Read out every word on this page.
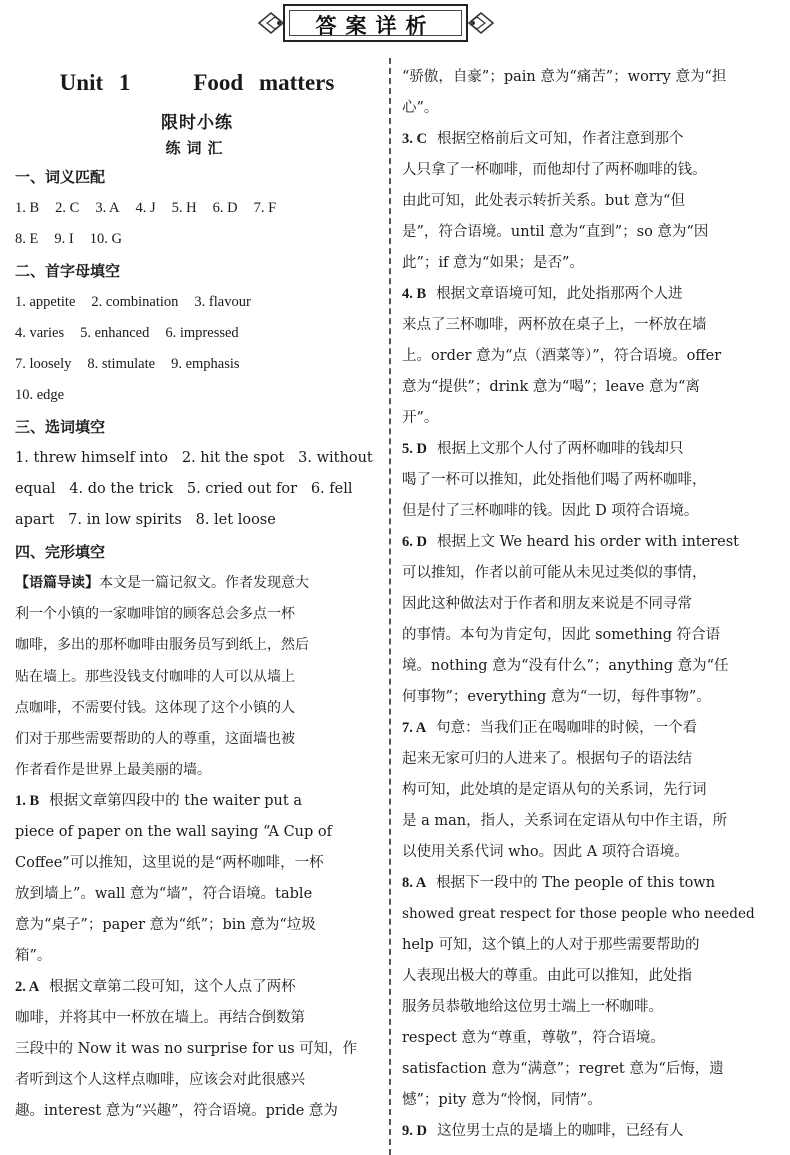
答案详析
Unit 1    Food matters
限时小练
练词汇
一、词义匹配
1. B 2. C 3. A 4. J 5. H 6. D 7. F
8. E 9. I 10. G
二、首字母填空
1. appetite 2. combination 3. flavour
4. varies 5. enhanced 6. impressed
7. loosely 8. stimulate 9. emphasis
10. edge
三、选词填空
1. threw himself into   2. hit the spot   3. without
equal   4. do the trick   5. cried out for   6. fell
apart   7. in low spirits   8. let loose
四、完形填空
【语篇导读】本文是一篇记叙文。作者发现意大
利一个小镇的一家咖啡馆的顾客总会多点一杯
咖啡，多出的那杯咖啡由服务员写到纸上，然后
贴在墙上。那些没钱支付咖啡的人可以从墙上
点咖啡，不需要付钱。这体现了这个小镇的人
们对于那些需要帮助的人的尊重，这面墙也被
作者看作是世界上最美丽的墙。
1. B 根据文章第四段中的 the waiter put a
piece of paper on the wall saying “A Cup of
Coffee”可以推知，这里说的是“两杯咖啡，一杯
放到墙上”。wall 意为“墙”，符合语境。table
意为“桌子”；paper 意为“纸”；bin 意为“垃圾
箱”。
2. A 根据文章第二段可知，这个人点了两杯
咖啡，并将其中一杯放在墙上。再结合倒数第
三段中的 Now it was no surprise for us 可知，作
者听到这个人这样点咖啡，应该会对此很感兴
趣。interest 意为“兴趣”，符合语境。pride 意为
“骄傲，自豪”；pain 意为“痛苦”；worry 意为“担
心”。
3. C 根据空格前后文可知，作者注意到那个
人只拿了一杯咖啡，而他却付了两杯咖啡的钱。
由此可知，此处表示转折关系。but 意为“但
是”，符合语境。until 意为“直到”；so 意为“因
此”；if 意为“如果；是否”。
4. B 根据文章语境可知，此处指那两个人进
来点了三杯咖啡，两杯放在桌子上，一杯放在墙
上。order 意为“点（酒菜等）”，符合语境。offer
意为“提供”；drink 意为“喝”；leave 意为“离
开”。
5. D 根据上文那个人付了两杯咖啡的钱却只
喝了一杯可以推知，此处指他们喝了两杯咖啡，
但是付了三杯咖啡的钱。因此 D 项符合语境。
6. D 根据上文 We heard his order with interest
可以推知，作者以前可能从未见过类似的事情，
因此这种做法对于作者和朋友来说是不同寻常
的事情。本句为肯定句，因此 something 符合语
境。nothing 意为“没有什么”；anything 意为“任
何事物”；everything 意为“一切，每件事物”。
7. A 句意：当我们正在喝咖啡的时候，一个看
起来无家可归的人进来了。根据句子的语法结
构可知，此处填的是定语从句的关系词，先行词
是 a man，指人，关系词在定语从句中作主语，所
以使用关系代词 who。因此 A 项符合语境。
8. A 根据下一段中的 The people of this town
showed great respect for those people who needed
help 可知，这个镇上的人对于那些需要帮助的
人表现出极大的尊重。由此可以推知，此处指
服务员恭敬地给这位男士端上一杯咖啡。
respect 意为“尊重，尊敬”，符合语境。
satisfaction 意为“满意”；regret 意为“后悔，遗
憾”；pity 意为“怜悯，同情”。
9. D 这位男士点的是墙上的咖啡，已经有人
